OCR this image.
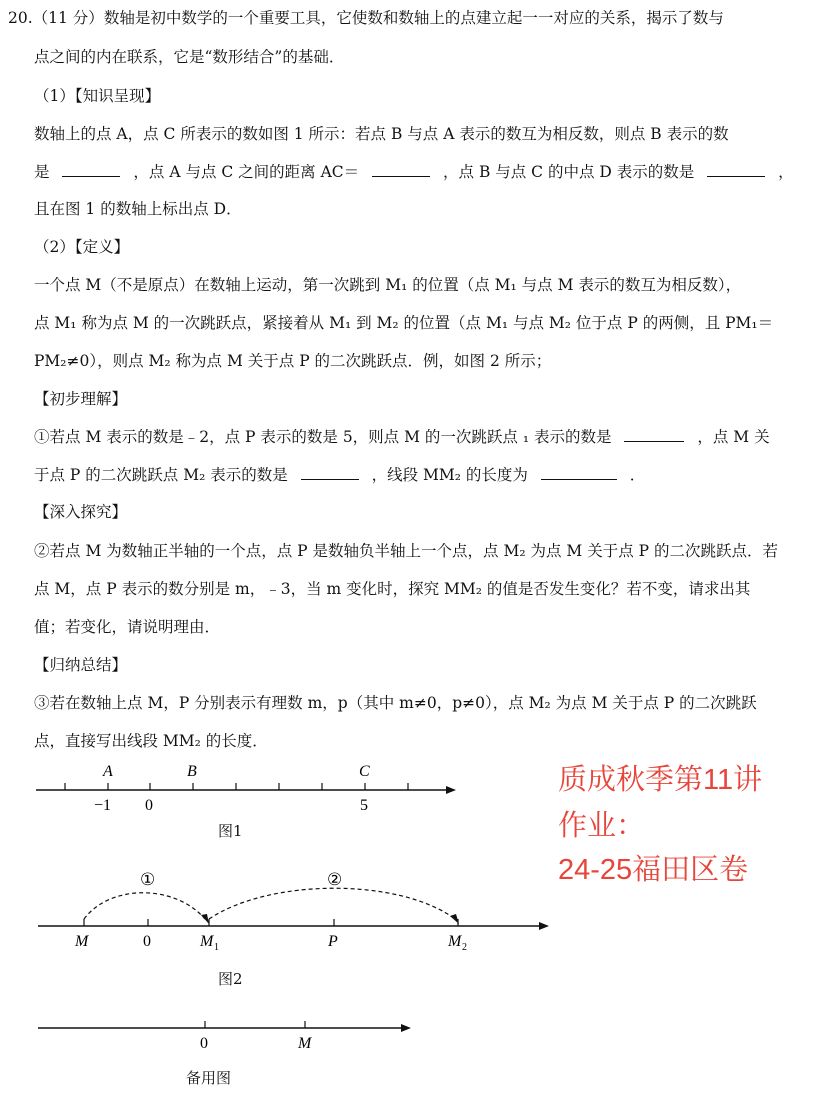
20.（11 分）数轴是初中数学的一个重要工具，它使数和数轴上的点建立起一一对应的关系，揭示了数与
点之间的内在联系，它是“数形结合”的基础．
（1）【知识呈现】
数轴上的点 A，点 C 所表示的数如图 1 所示：若点 B 与点 A 表示的数互为相反数，则点 B 表示的数
是	，点 A 与点 C 之间的距离 AC＝	，点 B 与点 C 的中点 D 表示的数是	，
且在图 1 的数轴上标出点 D．
（2）【定义】
一个点 M（不是原点）在数轴上运动，第一次跳到 M₁ 的位置（点 M₁ 与点 M 表示的数互为相反数），
点 M₁ 称为点 M 的一次跳跃点，紧接着从 M₁ 到 M₂ 的位置（点 M₁ 与点 M₂ 位于点 P 的两侧，且 PM₁＝
PM₂≠0），则点 M₂ 称为点 M 关于点 P 的二次跳跃点．例，如图 2 所示；
【初步理解】
①若点 M 表示的数是﹣2，点 P 表示的数是 5，则点 M 的一次跳跃点 ₁ 表示的数是	，点 M 关
于点 P 的二次跳跃点 M₂ 表示的数是	，线段 MM₂ 的长度为	．
【深入探究】
②若点 M 为数轴正半轴的一个点，点 P 是数轴负半轴上一个点，点 M₂ 为点 M 关于点 P 的二次跳跃点．若
点 M，点 P 表示的数分别是 m，﹣3，当 m 变化时，探究 MM₂ 的值是否发生变化？若不变，请求出其
值；若变化，请说明理由．
【归纳总结】
③若在数轴上点 M，P 分别表示有理数 m，p（其中 m≠0，p≠0），点 M₂ 为点 M 关于点 P 的二次跳跃
点，直接写出线段 MM₂ 的长度．
A	B	C
−1 0	5
图1
①	②
M	0	M 1	P	M 2
图2
0	M
备用图
质成秋季第11讲
作业：
24-25福田区卷
